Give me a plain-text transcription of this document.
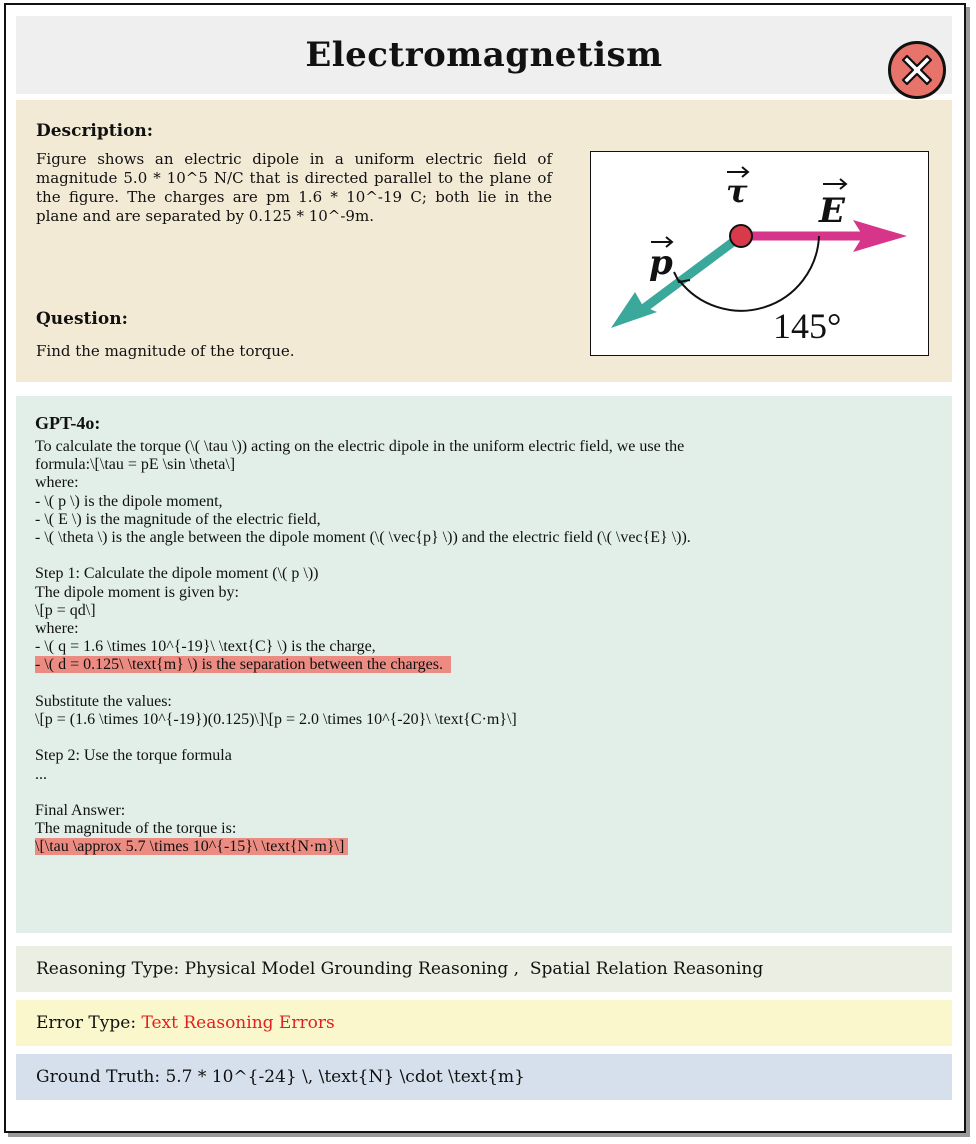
Electromagnetism
Description:

Figure shows an electric dipole in a uniform electric field of magnitude 5.0 * 10^5 N/C that is directed parallel to the plane of the figure. The charges are pm 1.6 * 10^-19 C; both lie in the plane and are separated by 0.125 * 10^-9m.

Question:

Find the magnitude of the torque.

τ E
p
145°
GPT-4o:
To calculate the torque (\( \tau \)) acting on the electric dipole in the uniform electric field, we use the
formula:\[\tau = pE \sin \theta\]
where:
- \( p \) is the dipole moment,
- \( E \) is the magnitude of the electric field,
- \( \theta \) is the angle between the dipole moment (\( \vec{p} \)) and the electric field (\( \vec{E} \)).
Step 1: Calculate the dipole moment (\( p \))
The dipole moment is given by:
\[p = qd\]
where:
- \( q = 1.6 \times 10^{-19}\ \text{C} \) is the charge,
- \( d = 0.125\ \text{m} \) is the separation between the charges.
Substitute the values:
\[p = (1.6 \times 10^{-19})(0.125)\]\[p = 2.0 \times 10^{-20}\ \text{C·m}\]
Step 2: Use the torque formula
...
Final Answer:
The magnitude of the torque is:
\[\tau \approx 5.7 \times 10^{-15}\ \text{N·m}\]

Reasoning Type: Physical Model Grounding Reasoning ,  Spatial Relation Reasoning

Error Type: Text Reasoning Errors

Ground Truth: 5.7 * 10^{-24} \, \text{N} \cdot \text{m}
